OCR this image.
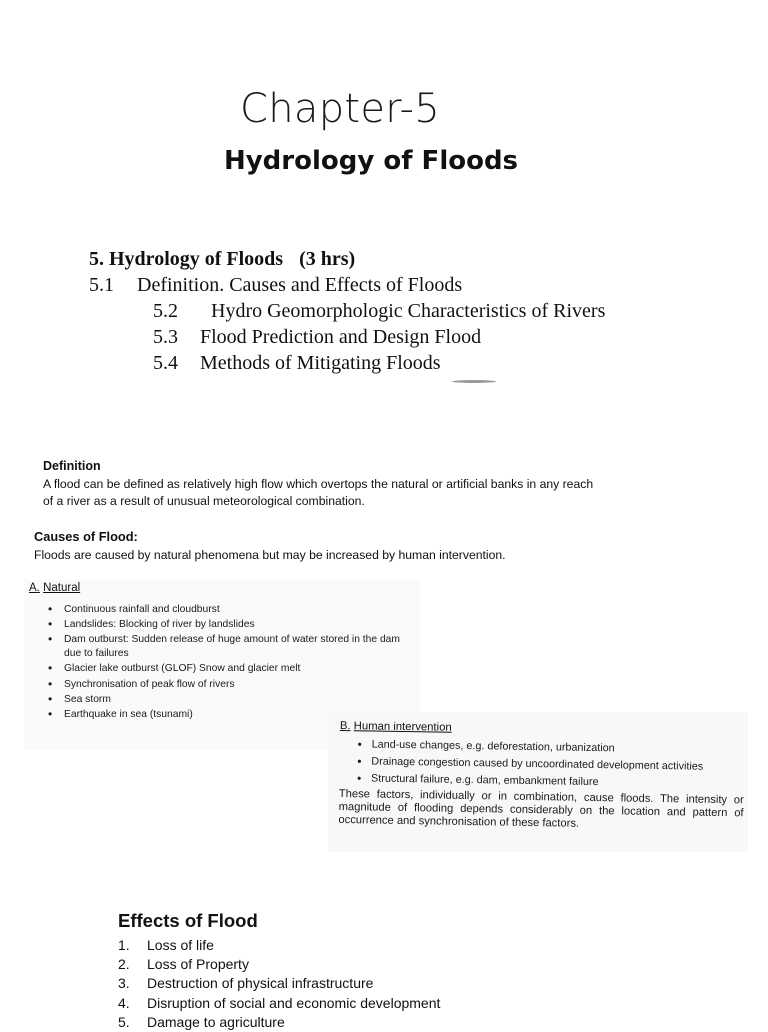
Chapter-5
Hydrology of Floods
5. Hydrology of Floods (3 hrs)
5.1 Definition. Causes and Effects of Floods
5.2 Hydro Geomorphologic Characteristics of Rivers
5.3 Flood Prediction and Design Flood
5.4 Methods of Mitigating Floods
Definition
A flood can be defined as relatively high flow which overtops the natural or artificial banks in any reach
of a river as a result of unusual meteorological combination.
Causes of Flood:
Floods are caused by natural phenomena but may be increased by human intervention.
A. Natural
• Continuous rainfall and cloudburst
• Landslides: Blocking of river by landslides
• Dam outburst: Sudden release of huge amount of water stored in the dam due to failures
• Glacier lake outburst (GLOF) Snow and glacier melt
• Synchronisation of peak flow of rivers
• Sea storm
• Earthquake in sea (tsunami)
B. Human intervention
• Land-use changes, e.g. deforestation, urbanization
• Drainage congestion caused by uncoordinated development activities
• Structural failure, e.g. dam, embankment failure
These factors, individually or in combination, cause floods. The intensity or magnitude of flooding depends considerably on the location and pattern of occurrence and synchronisation of these factors.
Effects of Flood
1. Loss of life
2. Loss of Property
3. Destruction of physical infrastructure
4. Disruption of social and economic development
5. Damage to agriculture
